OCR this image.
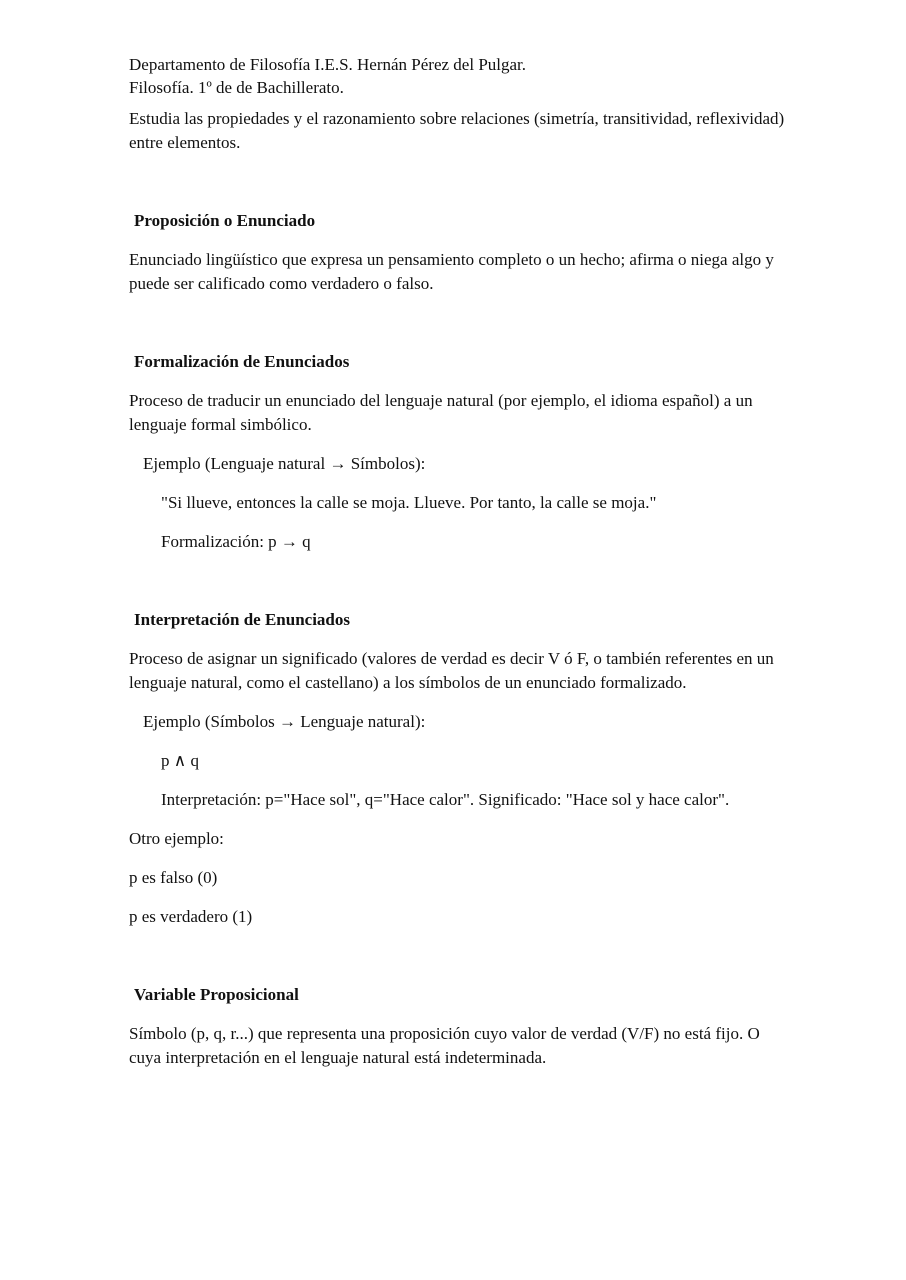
Departamento de Filosofía I.E.S. Hernán Pérez del Pulgar.

Filosofía. 1º de de Bachillerato.

Estudia las propiedades y el razonamiento sobre relaciones (simetría, transitividad, reflexividad) entre elementos.

Proposición o Enunciado

Enunciado lingüístico que expresa un pensamiento completo o un hecho; afirma o niega algo y puede ser calificado como verdadero o falso.

Formalización de Enunciados

Proceso de traducir un enunciado del lenguaje natural (por ejemplo, el idioma español) a un lenguaje formal simbólico.

Ejemplo (Lenguaje natural → Símbolos):

"Si llueve, entonces la calle se moja. Llueve. Por tanto, la calle se moja."

Formalización: p → q

Interpretación de Enunciados

Proceso de asignar un significado (valores de verdad es decir V ó F, o también referentes en un lenguaje natural, como el castellano) a los símbolos de un enunciado formalizado.

Ejemplo (Símbolos → Lenguaje natural):

p ∧ q

Interpretación: p="Hace sol", q="Hace calor". Significado: "Hace sol y hace calor".

Otro ejemplo:

p es falso (0)

p es verdadero (1)

Variable Proposicional

Símbolo (p, q, r...) que representa una proposición cuyo valor de verdad (V/F) no está fijo. O cuya interpretación en el lenguaje natural está indeterminada.
